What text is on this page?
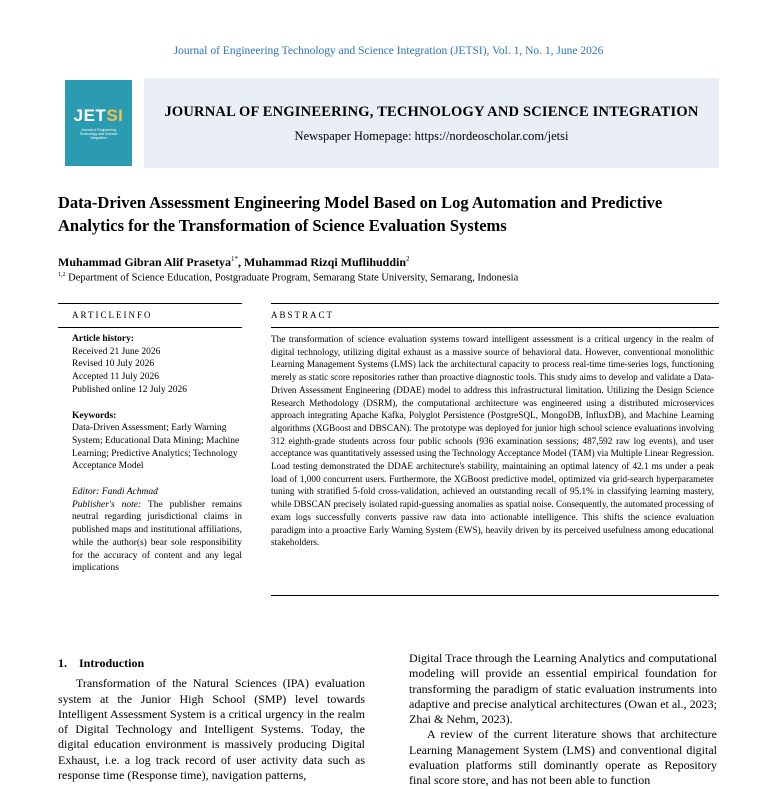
Journal of Engineering Technology and Science Integration (JETSI), Vol. 1, No. 1, June 2026
JETSI
Journal of Engineering Technology and Science Integration
JOURNAL OF ENGINEERING, TECHNOLOGY AND SCIENCE INTEGRATION
Newspaper Homepage: https://nordeoscholar.com/jetsi
Data-Driven Assessment Engineering Model Based on Log Automation and Predictive Analytics for the Transformation of Science Evaluation Systems
Muhammad Gibran Alif Prasetya$^{1*}$, Muhammad Rizqi Muflihuddin$^2$
$^{1,2}$ Department of Science Education, Postgraduate Program, Semarang State University, Semarang, Indonesia
ARTICLEINFO	ABSTRACT
Article history:
Received 21 June 2026
Revised 10 July 2026
Accepted 11 July 2026
Published online 12 July 2026
Keywords:
Data-Driven Assessment; Early Warning System; Educational Data Mining; Machine Learning; Predictive Analytics; Technology Acceptance Model
Editor: Fandi Achmad
Publisher's note: The publisher remains neutral regarding jurisdictional claims in published maps and institutional affiliations, while the author(s) bear sole responsibility for the accuracy of content and any legal implications
The transformation of science evaluation systems toward intelligent assessment is a critical urgency in the realm of digital technology, utilizing digital exhaust as a massive source of behavioral data. However, conventional monolithic Learning Management Systems (LMS) lack the architectural capacity to process real-time time-series logs, functioning merely as static score repositories rather than proactive diagnostic tools. This study aims to develop and validate a Data-Driven Assessment Engineering (DDAE) model to address this infrastructural limitation. Utilizing the Design Science Research Methodology (DSRM), the computational architecture was engineered using a distributed microservices approach integrating Apache Kafka, Polyglot Persistence (PostgreSQL, MongoDB, InfluxDB), and Machine Learning algorithms (XGBoost and DBSCAN). The prototype was deployed for junior high school science evaluations involving 312 eighth-grade students across four public schools (936 examination sessions; 487,592 raw log events), and user acceptance was quantitatively assessed using the Technology Acceptance Model (TAM) via Multiple Linear Regression. Load testing demonstrated the DDAE architecture's stability, maintaining an optimal latency of 42.1 ms under a peak load of 1,000 concurrent users. Furthermore, the XGBoost predictive model, optimized via grid-search hyperparameter tuning with stratified 5-fold cross-validation, achieved an outstanding recall of 95.1% in classifying learning mastery, while DBSCAN precisely isolated rapid-guessing anomalies as spatial noise. Consequently, the automated processing of exam logs successfully converts passive raw data into actionable intelligence. This shifts the science evaluation paradigm into a proactive Early Warning System (EWS), heavily driven by its perceived usefulness among educational stakeholders.
1. Introduction

Transformation of the Natural Sciences (IPA) evaluation system at the Junior High School (SMP) level towards Intelligent Assessment System is a critical urgency in the realm of Digital Technology and Intelligent Systems. Today, the digital education environment is massively producing Digital Exhaust, i.e. a log track record of user activity data such as response time (Response time), navigation patterns,

Digital Trace through the Learning Analytics and computational modeling will provide an essential empirical foundation for transforming the paradigm of static evaluation instruments into adaptive and precise analytical architectures (Owan et al., 2023; Zhai & Nehm, 2023).

A review of the current literature shows that architecture Learning Management System (LMS) and conventional digital evaluation platforms still dominantly operate as Repository final score store, and has not been able to function
